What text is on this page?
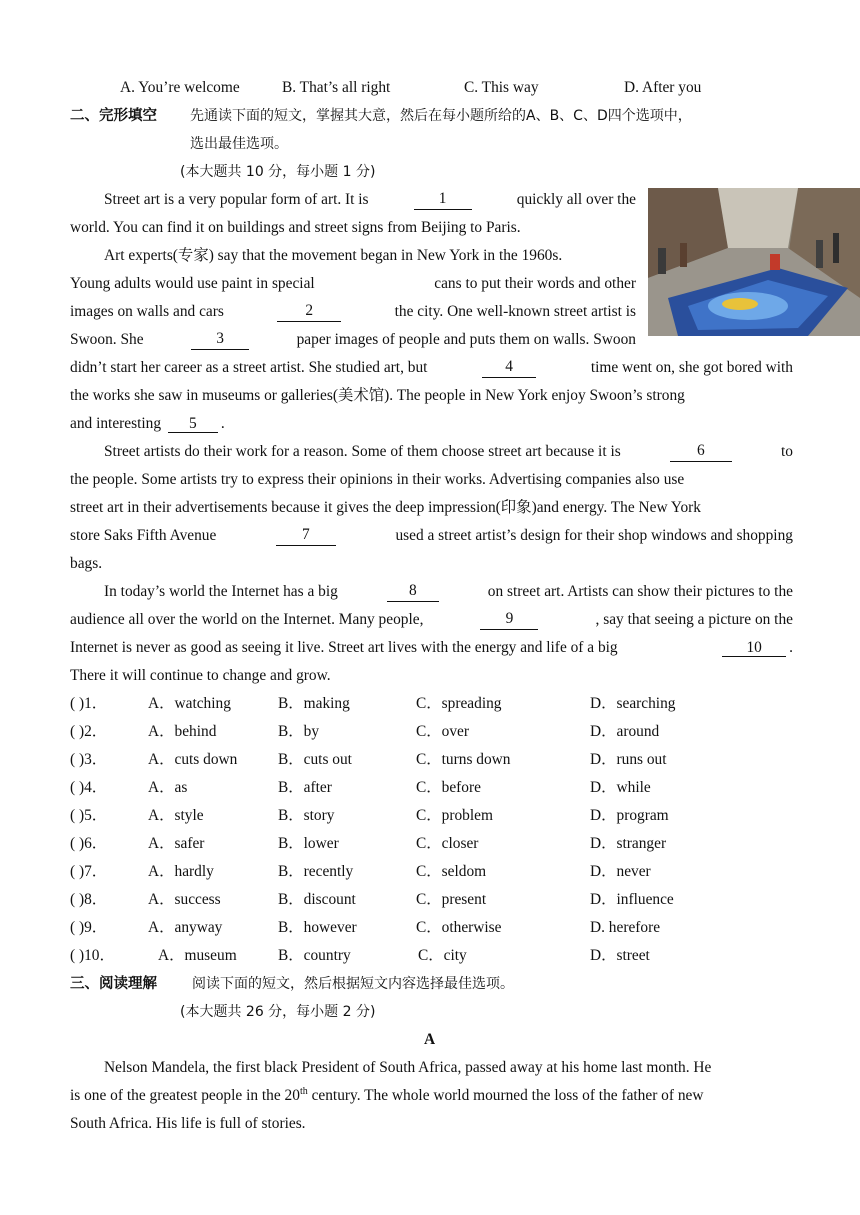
A. You’re welcome	B. That’s all right	C. This way	D. After you
二、完形填空 先通读下面的短文，掌握其大意，然后在每小题所给的A、B、C、D四个选项中，
选出最佳选项。
(本大题共 10 分，每小题 1 分)
Street art is a very popular form of art. It is	1	quickly all over the
world. You can find it on buildings and street signs from Beijing to Paris.
Art experts(专家) say that the movement began in New York in the 1960s.
Young adults would use paint in special	cans to put their words and other
images on walls and cars	2	the city. One well-known street artist is
Swoon. She	3	paper images of people and puts them on walls. Swoon
didn’t start her career as a street artist. She studied art, but	4	time went on, she got bored with
the works she saw in museums or galleries(美术馆). The people in New York enjoy Swoon’s strong
and interesting 5 .
Street artists do their work for a reason. Some of them choose street art because it is	6	to
the people. Some artists try to express their opinions in their works. Advertising companies also use
street art in their advertisements because it gives the deep impression(印象)and energy. The New York
store Saks Fifth Avenue	7	used a street artist’s design for their shop windows and shopping
bags.
In today’s world the Internet has a big	8	on street art. Artists can show their pictures to the
audience all over the world on the Internet. Many people,	9	, say that seeing a picture on the
Internet is never as good as seeing it live. Street art lives with the energy and life of a big	10 .
There it will continue to change and grow.
( )1．	A．watching	B．making	C．spreading	D．searching
( )2．	A．behind	B．by	C．over	D．around
( )3．	A．cuts down	B．cuts out	C．turns down	D．runs out
( )4．	A．as	B．after	C．before	D．while
( )5．	A．style	B．story	C．problem	D．program
( )6．	A．safer	B．lower	C．closer	D．stranger
( )7．	A．hardly	B．recently	C．seldom	D．never
( )8．	A．success	B．discount	C．present	D．influence
( )9．	A．anyway	B．however	C．otherwise	D. herefore
( )10．	A．museum	B．country	C．city	D．street
三、阅读理解	阅读下面的短文，然后根据短文内容选择最佳选项。
(本大题共 26 分，每小题 2 分)
A
Nelson Mandela, the first black President of South Africa, passed away at his home last month. He
is one of the greatest people in the 20th century. The whole world mourned the loss of the father of new
South Africa. His life is full of stories.
